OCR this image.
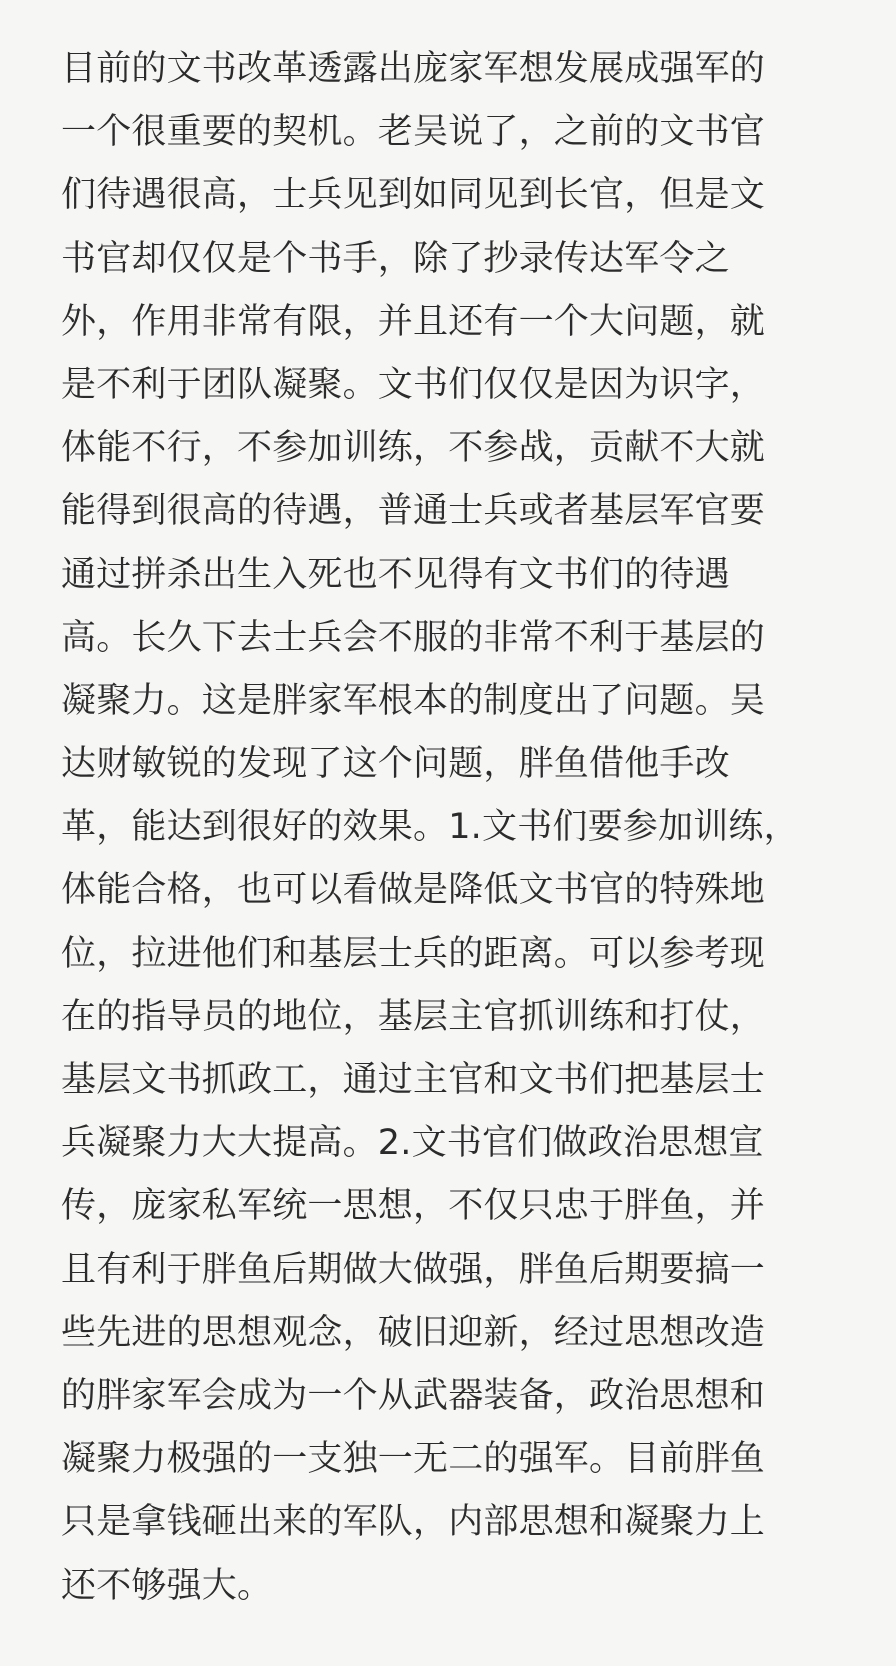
目前的文书改革透露出庞家军想发展成强军的
一个很重要的契机。老吴说了，之前的文书官
们待遇很高，士兵见到如同见到长官，但是文
书官却仅仅是个书手，除了抄录传达军令之
外，作用非常有限，并且还有一个大问题，就
是不利于团队凝聚。文书们仅仅是因为识字，
体能不行，不参加训练，不参战，贡献不大就
能得到很高的待遇，普通士兵或者基层军官要
通过拼杀出生入死也不见得有文书们的待遇
高。长久下去士兵会不服的非常不利于基层的
凝聚力。这是胖家军根本的制度出了问题。吴
达财敏锐的发现了这个问题，胖鱼借他手改
革，能达到很好的效果。1.文书们要参加训练，
体能合格，也可以看做是降低文书官的特殊地
位，拉进他们和基层士兵的距离。可以参考现
在的指导员的地位，基层主官抓训练和打仗，
基层文书抓政工，通过主官和文书们把基层士
兵凝聚力大大提高。2.文书官们做政治思想宣
传，庞家私军统一思想，不仅只忠于胖鱼，并
且有利于胖鱼后期做大做强，胖鱼后期要搞一
些先进的思想观念，破旧迎新，经过思想改造
的胖家军会成为一个从武器装备，政治思想和
凝聚力极强的一支独一无二的强军。目前胖鱼
只是拿钱砸出来的军队，内部思想和凝聚力上
还不够强大。
